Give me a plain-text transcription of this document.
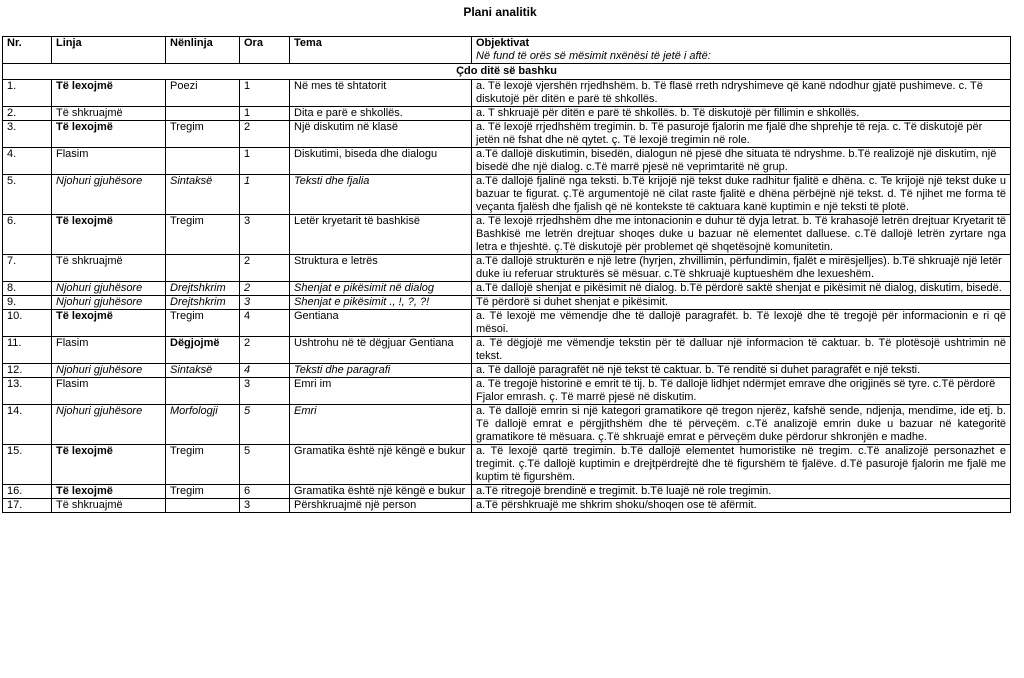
Plani analitik
Nr.	Linja	Nënlinja	Ora	Tema	Objektivat
Në fund të orës së mësimit nxënësi të jetë i aftë:

Çdo ditë së bashku					
1.	Të lexojmë	Poezi	1	Në mes të shtatorit	a. Të lexojë vjershën rrjedhshëm. b. Të flasë rreth ndryshimeve që kanë ndodhur gjatë pushimeve. c. Të diskutojë për ditën e parë të shkollës.
2.	Të shkruajmë		1	Dita e parë e shkollës.	a. T shkruajë për ditën e parë të shkollës. b. Të diskutojë për fillimin e shkollës.
3.	Të lexojmë	Tregim	2	Një diskutim në klasë	a. Të lexojë rrjedhshëm tregimin. b. Të pasurojë fjalorin me fjalë dhe shprehje të reja. c. Të diskutojë për jetën në fshat dhe në qytet. ç. Të lexojë tregimin në role.
4.	Flasim		1	Diskutimi, biseda dhe dialogu	a.Të dallojë diskutimin, bisedën, dialogun në pjesë dhe situata të ndryshme. b.Të realizojë një diskutim, një bisedë dhe një dialog. c.Të marrë pjesë në veprimtaritë në grup.
5.	Njohuri gjuhësore	Sintaksë	1	Teksti dhe fjalia	a.Të dallojë fjalinë nga teksti. b.Të krijojë një tekst duke radhitur fjalitë e dhëna. c. Te krijojë një tekst duke u bazuar te figurat. ç.Të argumentojë në cilat raste fjalitë e dhëna përbëjnë një tekst. d. Të njihet me forma të veçanta fjalësh dhe fjalish që në kontekste të caktuara kanë kuptimin e një teksti të plotë.
6.	Të lexojmë	Tregim	3	Letër kryetarit të bashkisë	a. Të lexojë rrjedhshëm dhe me intonacionin e duhur të dyja letrat. b. Të krahasojë letrën drejtuar Kryetarit të Bashkisë me letrën drejtuar shoqes duke u bazuar në elementet dalluese. c.Të dallojë letrën zyrtare nga letra e thjeshtë. ç.Të diskutojë për problemet që shqetësojnë komunitetin.
7.	Të shkruajmë		2	Struktura e letrës	a.Të dallojë strukturën e një letre (hyrjen, zhvillimin, përfundimin, fjalët e mirësjelljes). b.Të shkruajë një letër duke iu referuar strukturës së mësuar. c.Të shkruajë kuptueshëm dhe lexueshëm.
8.	Njohuri gjuhësore	Drejtshkrim	2	Shenjat e pikësimit në dialog	a.Të dallojë shenjat e pikësimit në dialog. b.Të përdorë saktë shenjat e pikësimit në dialog, diskutim, bisedë.
9.	Njohuri gjuhësore	Drejtshkrim	3	Shenjat e pikësimit ., !, ?, ?!	Të përdorë si duhet shenjat e pikësimit.
10.	Të lexojmë	Tregim	4	Gentiana	a. Të lexojë me vëmendje dhe të dallojë paragrafët. b. Të lexojë dhe të tregojë për informacionin e ri që mësoi.
11.	Flasim	Dëgjojmë	2	Ushtrohu në të dëgjuar Gentiana	a. Të dëgjojë me vëmendje tekstin për të dalluar një informacion të caktuar. b. Të plotësojë ushtrimin në tekst.
12.	Njohuri gjuhësore	Sintaksë	4	Teksti dhe paragrafi	a. Të dallojë paragrafët në një tekst të caktuar. b. Të renditë si duhet paragrafët e një teksti.
13.	Flasim		3	Emri im	a. Të tregojë historinë e emrit të tij. b. Të dallojë lidhjet ndërmjet emrave dhe origjinës së tyre. c.Të përdorë Fjalor emrash. ç. Të marrë pjesë në diskutim.
14.	Njohuri gjuhësore	Morfologji	5	Emri	a. Të dallojë emrin si një kategori gramatikore që tregon njerëz, kafshë sende, ndjenja, mendime, ide etj. b. Të dallojë emrat e përgjithshëm dhe të përveçëm. c.Të analizojë emrin duke u bazuar në kategoritë gramatikore të mësuara. ç.Të shkruajë emrat e përveçëm duke përdorur shkronjën e madhe.
15.	Të lexojmë	Tregim	5	Gramatika është një këngë e bukur	a. Të lexojë qartë tregimin. b.Të dallojë elementet humoristike në tregim. c.Të analizojë personazhet e tregimit. ç.Të dallojë kuptimin e drejtpërdrejtë dhe të figurshëm të fjalëve. d.Të pasurojë fjalorin me fjalë me kuptim të figurshëm.
16.	Të lexojmë	Tregim	6	Gramatika është një këngë e bukur	a.Të ritregojë brendinë e tregimit. b.Të luajë në role tregimin.
17.	Të shkruajmë		3	Përshkruajmë një person	a.Të përshkruajë me shkrim shoku/shoqen ose të afërmit.
